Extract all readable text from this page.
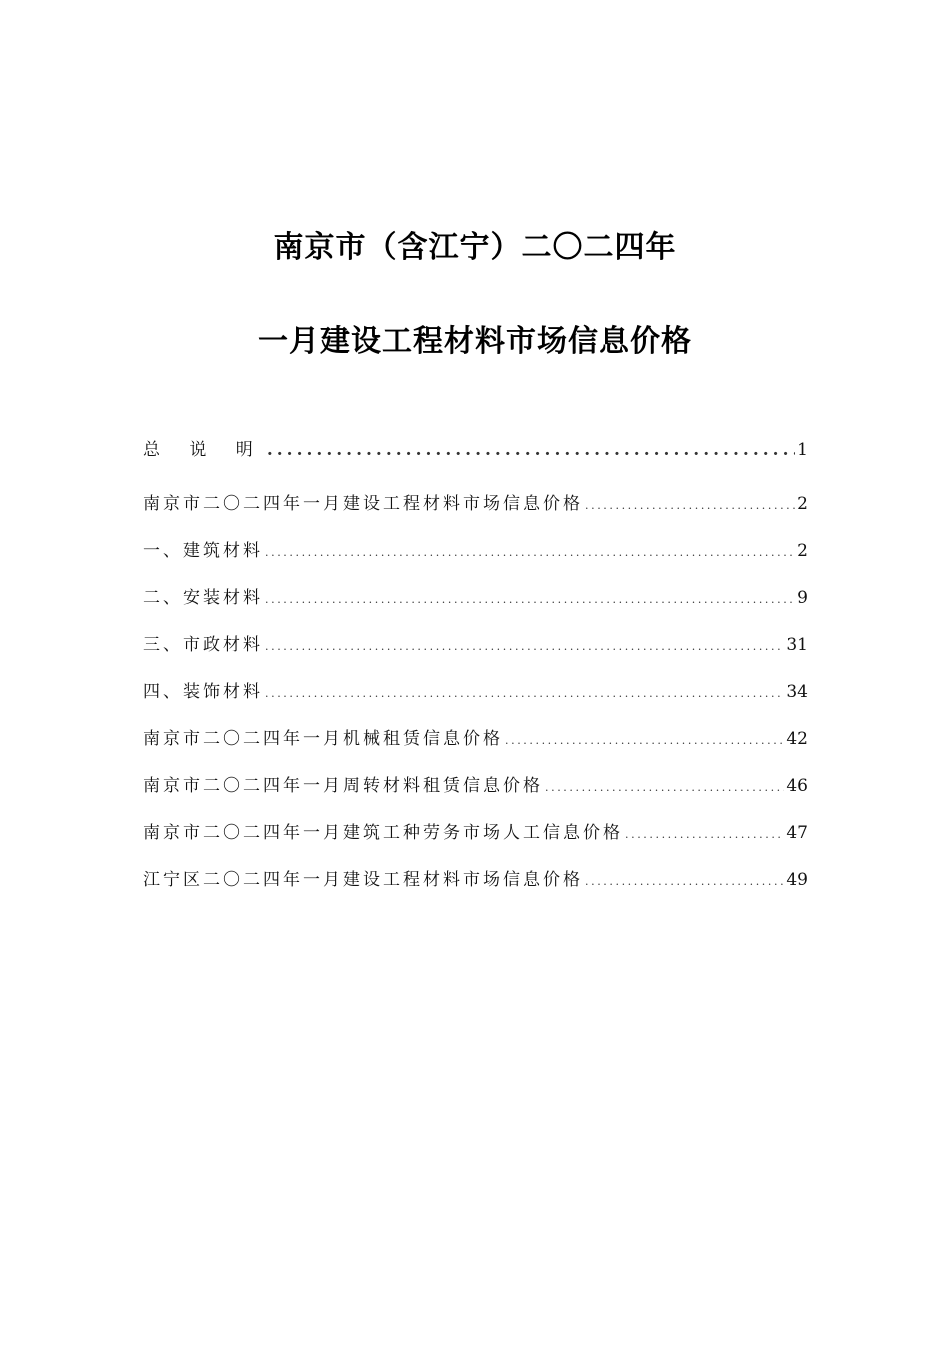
南京市（含江宁）二〇二四年
一月建设工程材料市场信息价格
总 说 明 .....	1
南京市二〇二四年一月建设工程材料市场信息价格 .....	2
一、建筑材料 .....	2
二、安装材料 .....	9
三、市政材料 .....	31
四、装饰材料 .....	34
南京市二〇二四年一月机械租赁信息价格 .....	42
南京市二〇二四年一月周转材料租赁信息价格 .....	46
南京市二〇二四年一月建筑工种劳务市场人工信息价格 .....	47
江宁区二〇二四年一月建设工程材料市场信息价格 .....	49
